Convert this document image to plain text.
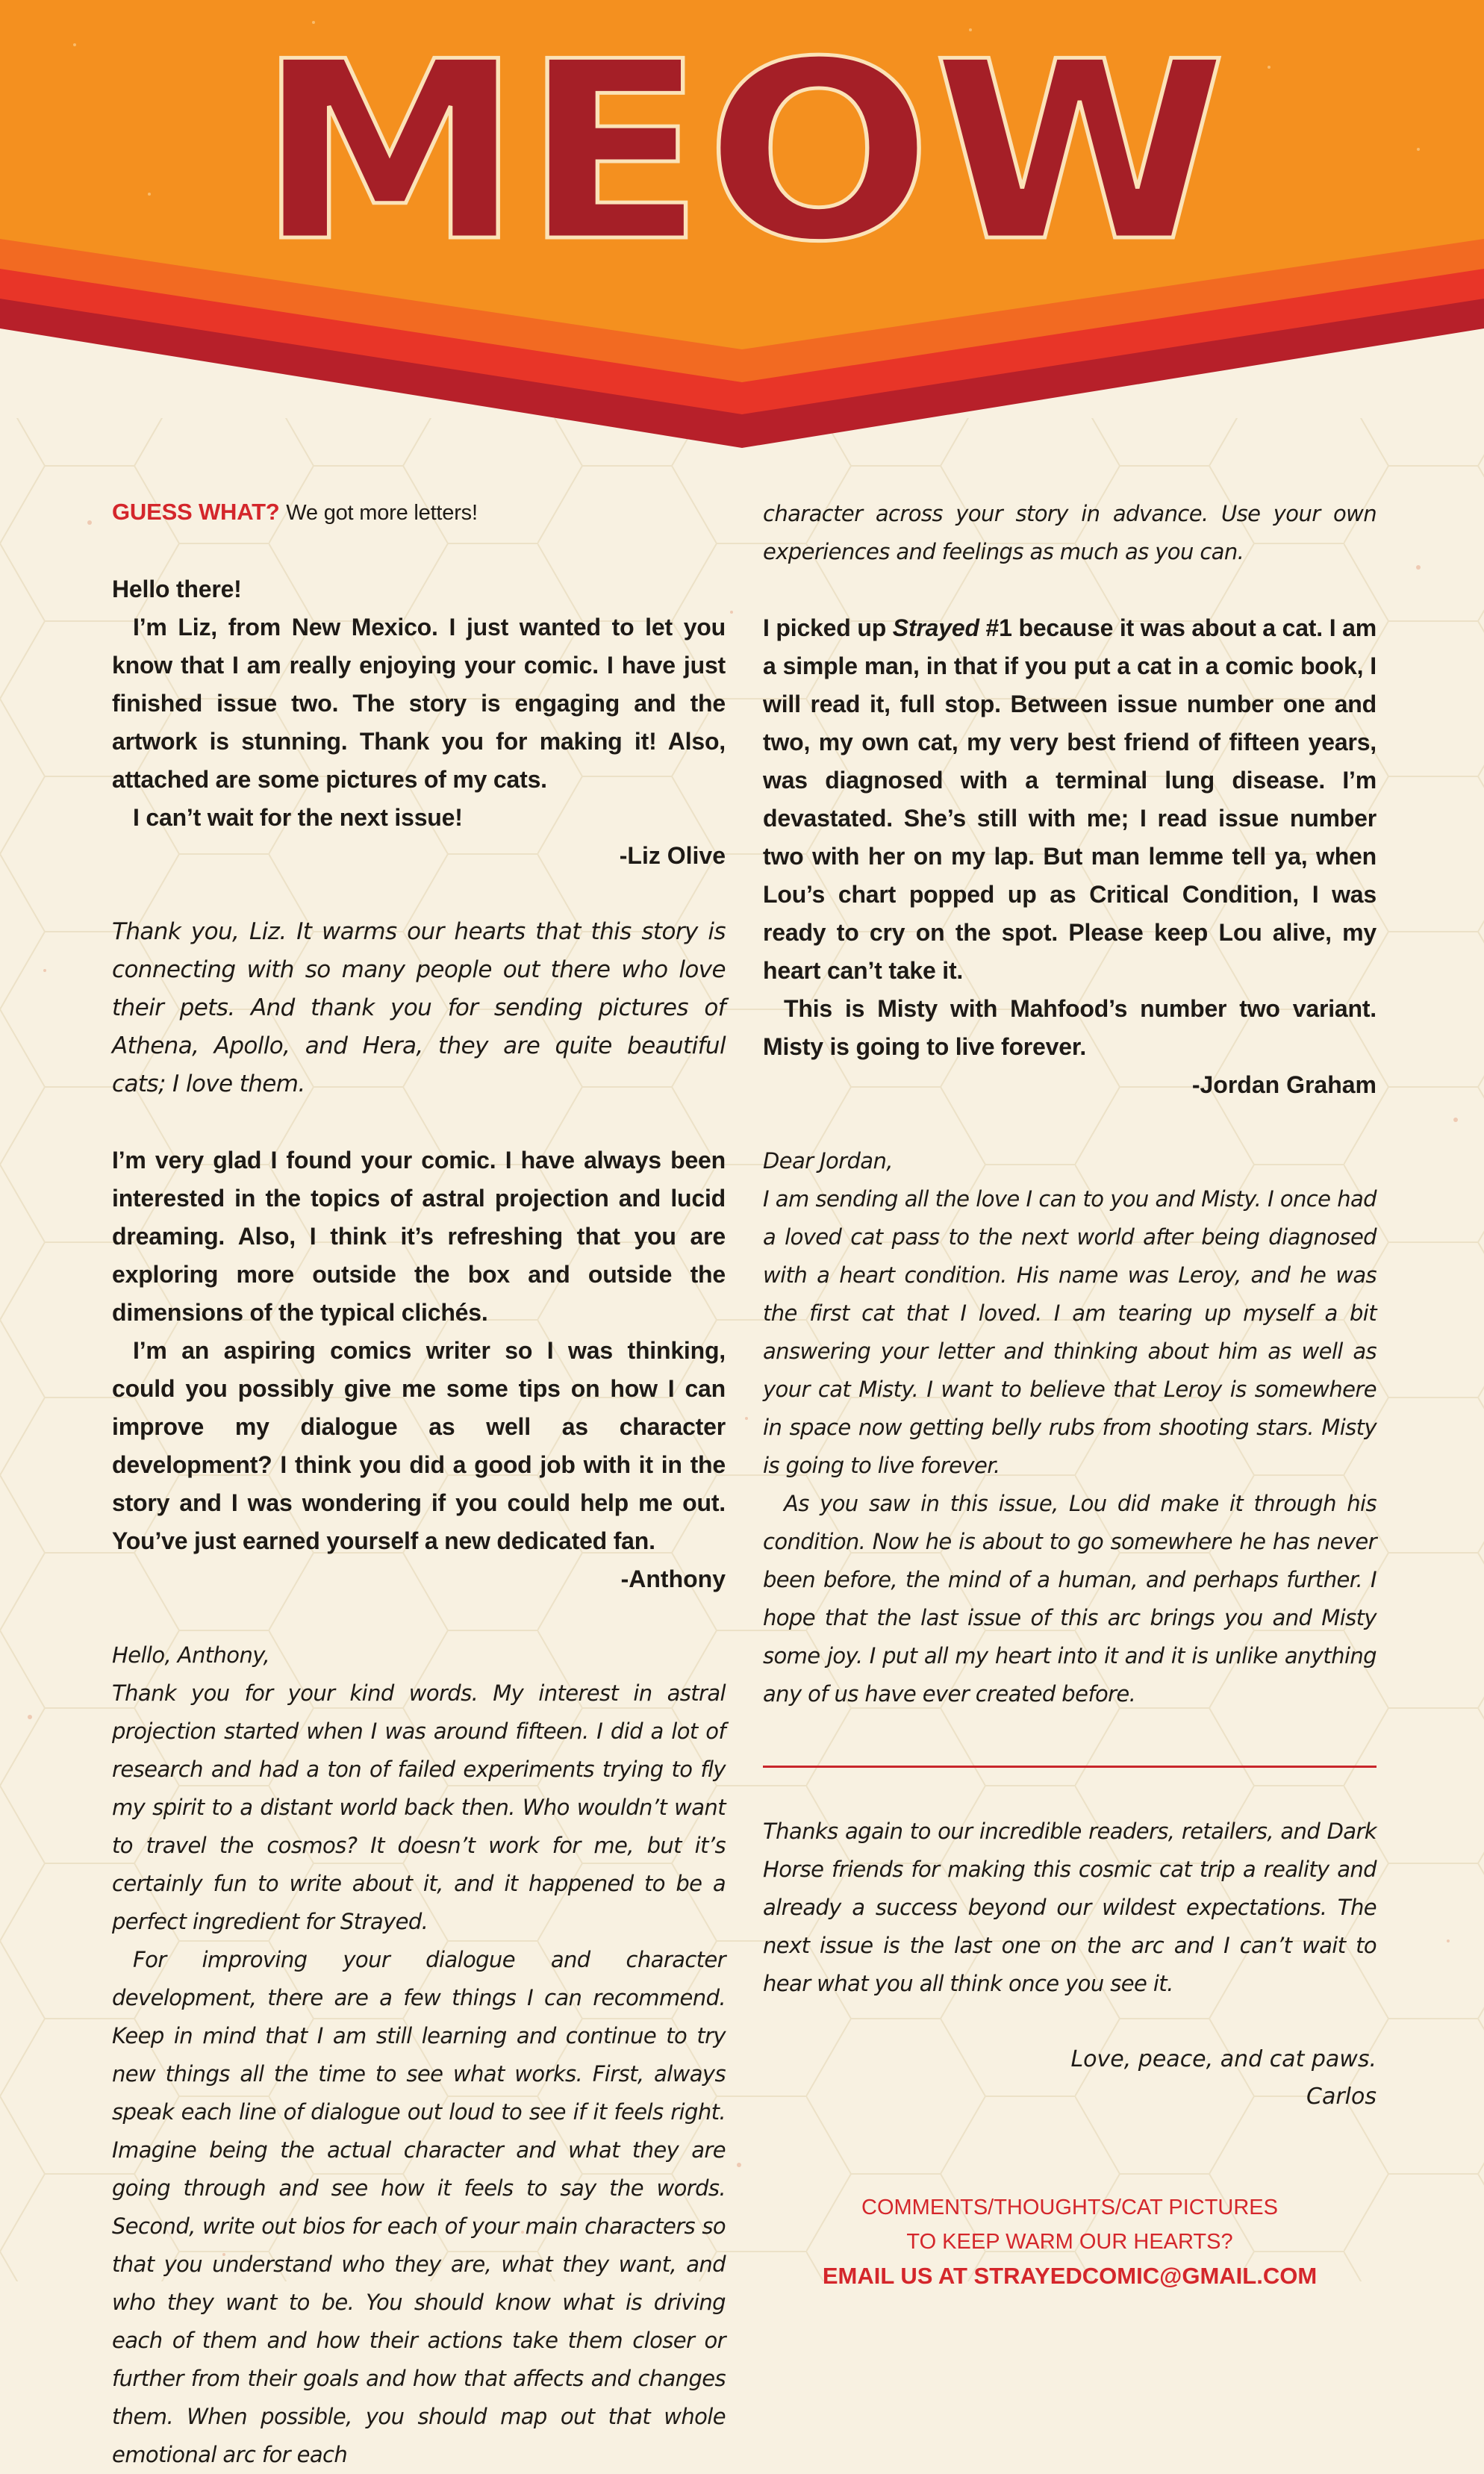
MEOW

GUESS WHAT? We got more letters!

Hello there!

I’m Liz, from New Mexico. I just wanted to let you know that I am really enjoying your comic. I have just finished issue two. The story is engaging and the artwork is stunning. Thank you for making it! Also, attached are some pictures of my cats.

I can’t wait for the next issue!

-Liz Olive

Thank you, Liz. It warms our hearts that this story is connecting with so many people out there who love their pets. And thank you for sending pictures of Athena, Apollo, and Hera, they are quite beautiful cats; I love them.

I’m very glad I found your comic. I have always been interested in the topics of astral projection and lucid dreaming. Also, I think it’s refreshing that you are exploring more outside the box and outside the dimensions of the typical clichés.

I’m an aspiring comics writer so I was thinking, could you possibly give me some tips on how I can improve my dialogue as well as character development? I think you did a good job with it in the story and I was wondering if you could help me out. You’ve just earned yourself a new dedicated fan.

-Anthony

Hello, Anthony,

Thank you for your kind words. My interest in astral projection started when I was around fifteen. I did a lot of research and had a ton of failed experiments trying to fly my spirit to a distant world back then. Who wouldn’t want to travel the cosmos? It doesn’t work for me, but it’s certainly fun to write about it, and it happened to be a perfect ingredient for Strayed.

For improving your dialogue and character development, there are a few things I can recommend. Keep in mind that I am still learning and continue to try new things all the time to see what works. First, always speak each line of dialogue out loud to see if it feels right. Imagine being the actual character and what they are going through and see how it feels to say the words. Second, write out bios for each of your main characters so that you understand who they are, what they want, and who they want to be. You should know what is driving each of them and how their actions take them closer or further from their goals and how that affects and changes them. When possible, you should map out that whole emotional arc for each

character across your story in advance. Use your own experiences and feelings as much as you can.

I picked up Strayed #1 because it was about a cat. I am a simple man, in that if you put a cat in a comic book, I will read it, full stop. Between issue number one and two, my own cat, my very best friend of fifteen years, was diagnosed with a terminal lung disease. I’m devastated. She’s still with me; I read issue number two with her on my lap. But man lemme tell ya, when Lou’s chart popped up as Critical Condition, I was ready to cry on the spot. Please keep Lou alive, my heart can’t take it.

This is Misty with Mahfood’s number two variant. Misty is going to live forever.

-Jordan Graham

Dear Jordan,

I am sending all the love I can to you and Misty. I once had a loved cat pass to the next world after being diagnosed with a heart condition. His name was Leroy, and he was the first cat that I loved. I am tearing up myself a bit answering your letter and thinking about him as well as your cat Misty. I want to believe that Leroy is somewhere in space now getting belly rubs from shooting stars. Misty is going to live forever.

As you saw in this issue, Lou did make it through his condition. Now he is about to go somewhere he has never been before, the mind of a human, and perhaps further. I hope that the last issue of this arc brings you and Misty some joy. I put all my heart into it and it is unlike anything any of us have ever created before.

Thanks again to our incredible readers, retailers, and Dark Horse friends for making this cosmic cat trip a reality and already a success beyond our wildest expectations. The next issue is the last one on the arc and I can’t wait to hear what you all think once you see it.

Love, peace, and cat paws.

Carlos

COMMENTS/THOUGHTS/CAT PICTURES
TO KEEP WARM OUR HEARTS?
EMAIL US AT STRAYEDCOMIC@GMAIL.COM
